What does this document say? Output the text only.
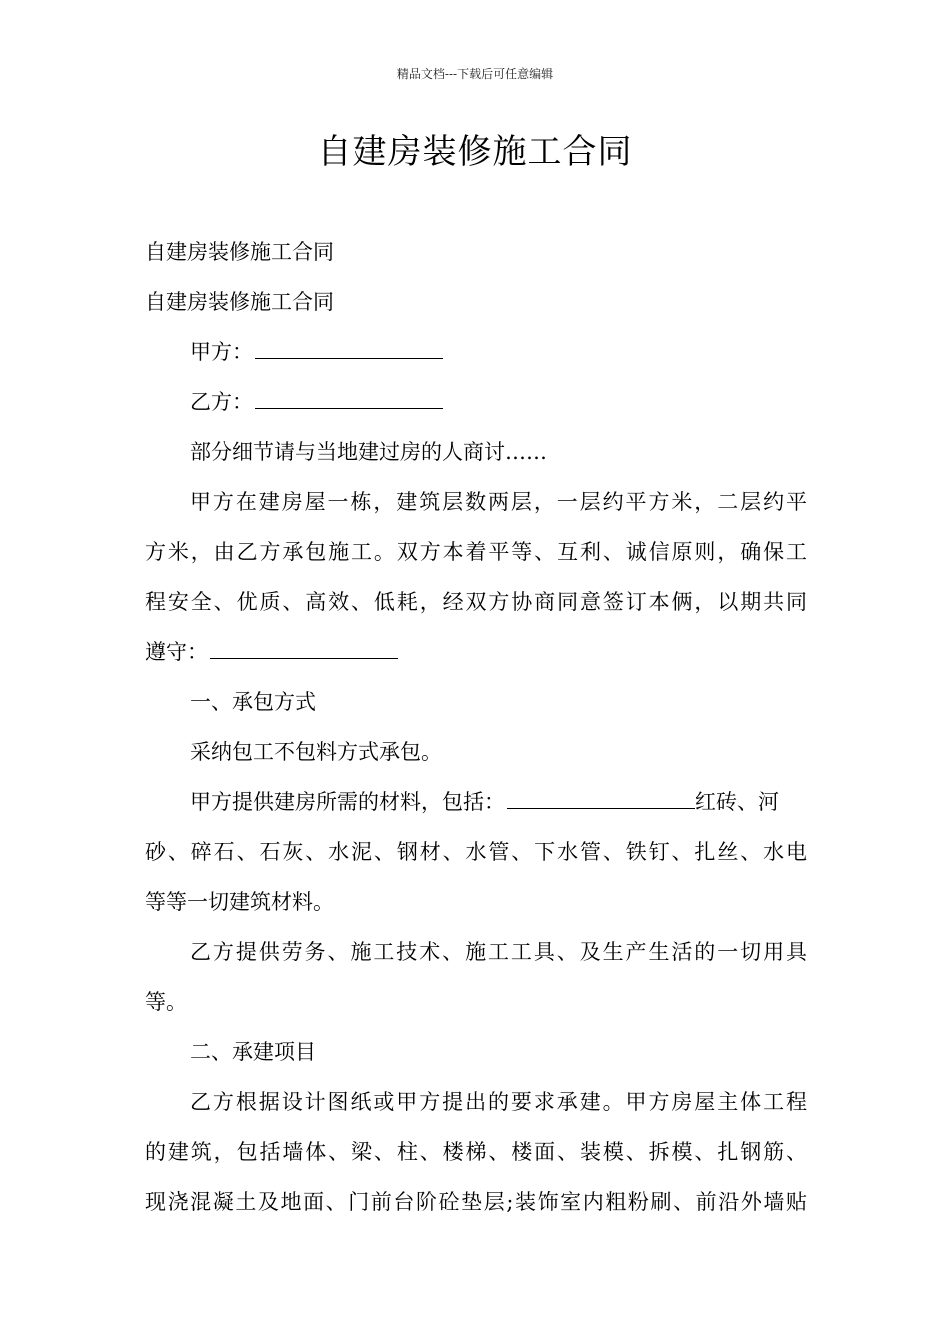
精品文档---下载后可任意编辑
自建房装修施工合同
自建房装修施工合同
自建房装修施工合同
甲方：
乙方：
部分细节请与当地建过房的人商讨……
甲方在建房屋一栋，建筑层数两层，一层约平方米，二层约平
方米，由乙方承包施工。双方本着平等、互利、诚信原则，确保工
程安全、优质、高效、低耗，经双方协商同意签订本俩，以期共同
遵守：
一、承包方式
采纳包工不包料方式承包。
甲方提供建房所需的材料，包括：	红砖、河
砂、碎石、石灰、水泥、钢材、水管、下水管、铁钉、扎丝、水电
等等一切建筑材料。
乙方提供劳务、施工技术、施工工具、及生产生活的一切用具
等。
二、承建项目
乙方根据设计图纸或甲方提出的要求承建。甲方房屋主体工程
的建筑，包括墙体、梁、柱、楼梯、楼面、装模、拆模、扎钢筋、
现浇混凝土及地面、门前台阶砼垫层;装饰室内粗粉刷、前沿外墙贴
